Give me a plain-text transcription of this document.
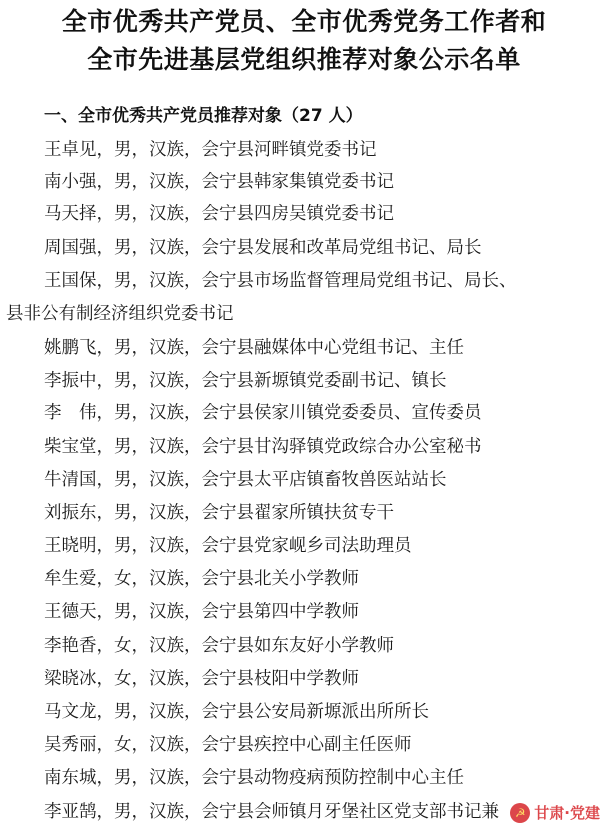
全市优秀共产党员、全市优秀党务工作者和
全市先进基层党组织推荐对象公示名单
一、全市优秀共产党员推荐对象（27 人）
王卓见，男，汉族，会宁县河畔镇党委书记
南小强，男，汉族，会宁县韩家集镇党委书记
马天择，男，汉族，会宁县四房吴镇党委书记
周国强，男，汉族，会宁县发展和改革局党组书记、局长
王国保，男，汉族，会宁县市场监督管理局党组书记、局长、
县非公有制经济组织党委书记
姚鹏飞，男，汉族，会宁县融媒体中心党组书记、主任
李振中，男，汉族，会宁县新塬镇党委副书记、镇长
李　伟，男，汉族，会宁县侯家川镇党委委员、宣传委员
柴宝堂，男，汉族，会宁县甘沟驿镇党政综合办公室秘书
牛清国，男，汉族，会宁县太平店镇畜牧兽医站站长
刘振东，男，汉族，会宁县翟家所镇扶贫专干
王晓明，男，汉族，会宁县党家岘乡司法助理员
牟生爱，女，汉族，会宁县北关小学教师
王德天，男，汉族，会宁县第四中学教师
李艳香，女，汉族，会宁县如东友好小学教师
梁晓冰，女，汉族，会宁县枝阳中学教师
马文龙，男，汉族，会宁县公安局新塬派出所所长
吴秀丽，女，汉族，会宁县疾控中心副主任医师
南东城，男，汉族，会宁县动物疫病预防控制中心主任
李亚鹄，男，汉族，会宁县会师镇月牙堡社区党支部书记兼	☭ 甘肃·党建
